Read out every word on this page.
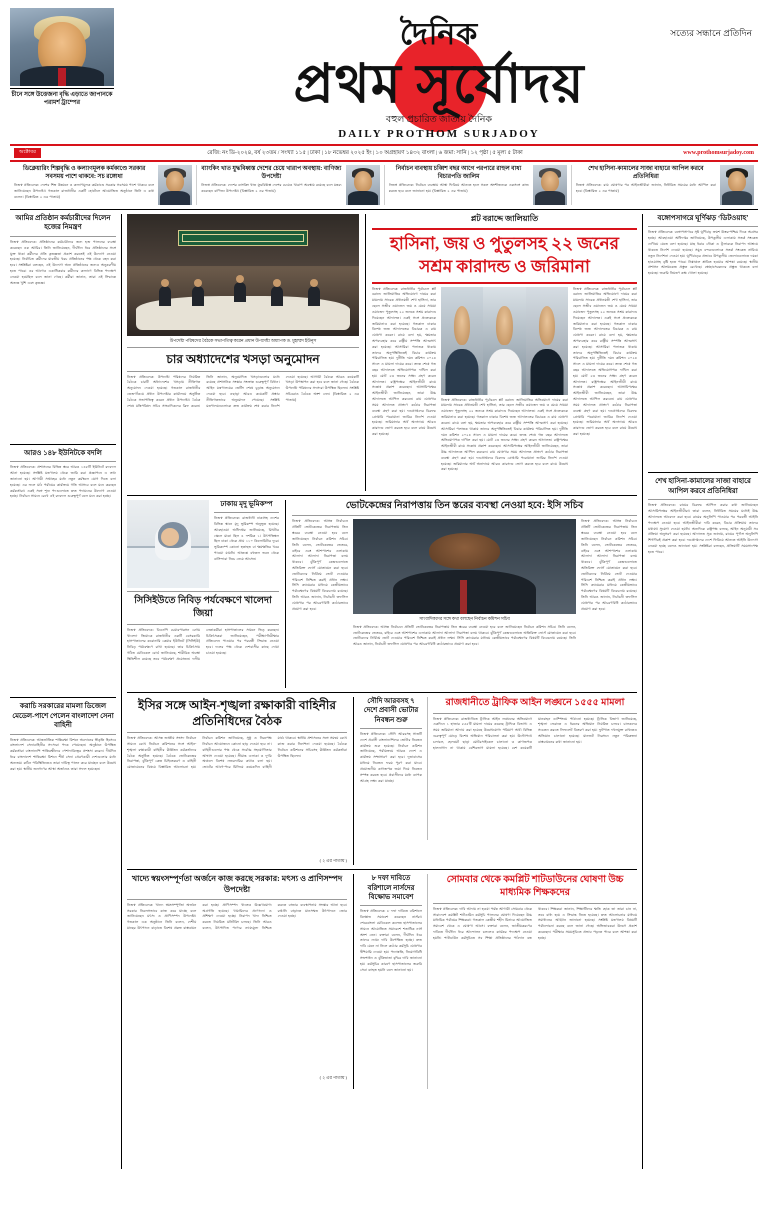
চীনে সঙ্গে উত্তেজনা বৃদ্ধি এড়াতে জাপানকে পরামর্শ ট্রাম্পের
সত্যের সন্ধানে প্রতিদিন
দৈনিক
প্রথম সূর্যোদয়
বহুল প্রচারিত জাতীয় দৈনিক
DAILY PROTHOM SURJADOY
অক্টোবর	রেজি: নং ডি-২০২৪, বর্ষ ২৩তম / সংখ্যা ১১৫ | ঢাকা | ১৮ নভেম্বর ২০২৫ ইং | ১০ অগ্রহায়ণ ১৪৩২ বাংলা | ৬ জমা: সানি | ১২ পৃষ্ঠা | ৫ মূল্য ৫ টাকা	www.prothomsurjadoy.com
ডিক্লেয়ারিং শিল্পবৃদ্ধি ও কল্যাণমূলক কর্মকাণ্ডে সরকার সবসময় পাশে থাকবে: সচ রঙ্গোধা
নিজস্ব প্রতিবেদক: দেশের শিল্প উন্নয়নে ও কল্যাণমূলক কর্মকাণ্ডে সরকার সবসময় পাশে থাকবে বলে জানিয়েছেন উপদেষ্টা। গতকাল রাজধানীর একটি হোটেলে আয়োজিত অনুষ্ঠানে তিনি এ কথা বলেন। (বিস্তারিত ২ এর পাতায়)
ব্যাংকিং খাত যুদ্ধবিধ্বস্ত দেশের চেয়ে খারাপ অবস্থায়: বাণিজ্য উপদেষ্টা
নিজস্ব প্রতিবেদক: দেশের ব্যাংকিং খাত যুদ্ধবিধ্বস্ত দেশের চেয়েও খারাপ অবস্থায় রয়েছে বলে মন্তব্য করেছেন বাণিজ্য উপদেষ্টা। (বিস্তারিত ২ এর পাতায়)
নির্বাচন ব্যবস্থায় চব্বিশ বছর আগে পরপারে রাহুল বাধ্য বিচারপতি জালিম
নিজস্ব প্রতিবেদক: নির্বাচন ব্যবস্থায় আস্থা ফিরিয়ে আনতে হলে সকল অংশীজনকে একসঙ্গে কাজ করতে হবে বলে জানানো হয়। (বিস্তারিত ২ এর পাতায়)
শেখ হাসিনা-কামালের সাজা বাহারে আপিল করবে প্রতিনিধিরা
নিজস্ব প্রতিবেদক: রায় ঘোষণার পর আইনজীবীরা জানান, নির্ধারিত সময়ের মধ্যে আপিল করা হবে। (বিস্তারিত ২ এর পাতায়)
আমির প্রতিষ্ঠান কর্মচারীদের দিলেন হজের নিমন্ত্রণ
নিজস্ব প্রতিবেদক: প্রতিষ্ঠানের কর্মচারীদের জন্য হজ পালনের ব্যবস্থা করেছেন এক আমির। তিনি জানিয়েছেন, দীর্ঘদিন ধরে প্রতিষ্ঠানের সঙ্গে যুক্ত থাকা কর্মীদের প্রতি কৃতজ্ঞতা প্রকাশ করতেই এই উদ্যোগ নেওয়া হয়েছে। নির্বাচিত কর্মীদের যাবতীয় খরচ প্রতিষ্ঠানের পক্ষ থেকে বহন করা হবে। সংশ্লিষ্টরা বলছেন, এই উদ্যোগ অন্য প্রতিষ্ঠানের জন্যও অনুকরণীয় হতে পারে। এর আগেও একাধিকবার কর্মীদের কল্যাণে বিভিন্ন পদক্ষেপ নেওয়া হয়েছিল বলে জানা গেছে। কর্মীরা জানান, তারা এই সিদ্ধান্তে অত্যন্ত খুশি এবং কৃতজ্ঞ।
আরও ১৪৮ ইউনিটকে বদলি
নিজস্ব প্রতিবেদক: প্রশাসনের বিভিন্ন স্তরে আরও ১৪৮টি ইউনিটে রদবদল আনা হয়েছে। সংশ্লিষ্ট মন্ত্রণালয় থেকে জারি করা প্রজ্ঞাপনে এ তথ্য জানানো হয়। আগামী সপ্তাহের মধ্যে নতুন কর্মস্থলে যোগ দিতে বলা হয়েছে। এর ফলে মাঠ পর্যায়ের কার্যক্রমে গতি আসবে বলে মনে করছেন কর্মকর্তারা। একই সঙ্গে শূন্য পদগুলোতে দ্রুত পদায়নের উদ্যোগ নেওয়া হচ্ছে। নির্বাচন সামনে রেখে এই রদবদল গুরুত্বপূর্ণ বলে মনে করা হচ্ছে।
করাচি সরকারের মামলা ডিজেল মেডেল-পাশে পেলেন বাংলাদেশ সেনা বাহিনী
নিজস্ব প্রতিবেদক: আন্তর্জাতিক শান্তিরক্ষা মিশনে অবদানের স্বীকৃতি হিসেবে বাংলাদেশ সেনাবাহিনীর সদস্যরা পদক পেয়েছেন। অনুষ্ঠানে উপস্থিত কর্মকর্তারা বাংলাদেশি শান্তিরক্ষীদের পেশাদারিত্বের প্রশংসা করেন। দীর্ঘদিন ধরে বাংলাদেশ শান্তিরক্ষা মিশনে শীর্ষ সেনা প্রেরণকারী দেশগুলোর মধ্যে অন্যতম। কঠিন পরিস্থিতিতেও তারা দায়িত্ব পালন করে যাচ্ছেন বলে উল্লেখ করা হয়। স্থানীয় জনগণের আস্থা অর্জনেও তারা সফল হয়েছেন।
উপদেষ্টা পরিষদের বৈঠকে সভাপতিত্ব করেন প্রধান উপদেষ্টা অধ্যাপক ড. মুহাম্মদ ইউনূস
চার অধ্যাদেশের খসড়া অনুমোদন
নিজস্ব প্রতিবেদক: উপদেষ্টা পরিষদের নিয়মিত বৈঠকে চারটি অধ্যাদেশের খসড়ায় নীতিগত অনুমোদন দেওয়া হয়েছে। গতকাল রাজধানীর তেজগাঁওয়ে প্রধান উপদেষ্টার কার্যালয়ে অনুষ্ঠিত বৈঠকে সভাপতিত্ব করেন প্রধান উপদেষ্টা। বৈঠক শেষে মন্ত্রিপরিষদ সচিব সাংবাদিকদের ব্রিফ করেন। তিনি জানান, অনুমোদিত খসড়াগুলোর মধ্যে রয়েছে প্রশাসনিক সংস্কার সংক্রান্ত গুরুত্বপূর্ণ বিধান। আইন মন্ত্রণালয়ের ভেটিং শেষে চূড়ান্ত অনুমোদন দেওয়া হবে। এছাড়া আরও কয়েকটি প্রস্তাব নীতিগতভাবে অনুমোদন পেয়েছে। সংশ্লিষ্ট মন্ত্রণালয়গুলোকে দ্রুত কার্যক্রম শেষ করার নির্দেশ দেওয়া হয়েছে। আগামী বৈঠকে আরও কয়েকটি খসড়া উপস্থাপন করা হবে বলে জানা গেছে। বৈঠকে উপদেষ্টা পরিষদের সদস্যরা উপস্থিত ছিলেন। সংশ্লিষ্ট সচিবরাও বৈঠকে অংশ নেন। (বিস্তারিত ২ এর পাতায়)
প্লট বরাদ্দে জালিয়াতি
হাসিনা, জয় ও পুতুলসহ ২২ জনের সশ্রম কারাদন্ড ও জরিমানা
নিজস্ব প্রতিবেদক: রাজধানীর পূর্বাচলে প্লট বরাদ্দে জালিয়াতির অভিযোগে দায়ের করা মামলায় সাবেক প্রধানমন্ত্রী শেখ হাসিনা, তার ছেলে সজীব ওয়াজেদ জয় ও মেয়ে সায়মা ওয়াজেদ পুতুলসহ ২২ জনকে সশ্রম কারাদণ্ড দিয়েছেন আদালত। একই সঙ্গে প্রত্যেককে জরিমানাও করা হয়েছে। গতকাল ঢাকার বিশেষ জজ আদালতের বিচারক এ রায় ঘোষণা করেন। রায়ে বলা হয়, ক্ষমতার অপব্যবহার করে রাষ্ট্রীয় সম্পত্তি আত্মসাৎ করা হয়েছে। আসামিরা পলাতক থাকায় তাদের অনুপস্থিতিতেই বিচার কার্যক্রম পরিচালিত হয়। দুর্নীতি দমন কমিশন ২০২৪ সালে এ মামলা দায়ের করে। তদন্ত শেষে গত বছর আদালতে অভিযোগপত্র দাখিল করা হয়। মোট ২৩ জনের সাক্ষ্য গ্রহণ করেন আদালত। রাষ্ট্রপক্ষের আইনজীবী রায়ে সন্তোষ প্রকাশ করেছেন। আসামিপক্ষের আইনজীবী জানিয়েছেন, তারা উচ্চ আদালতে আপিল করবেন। রায় ঘোষণার সময় আদালত প্রাঙ্গণে কঠোর নিরাপত্তা ব্যবস্থা গ্রহণ করা হয়। দণ্ডপ্রাপ্তদের বিরুদ্ধে গ্রেপ্তারি পরোয়ানা জারির নির্দেশ দেওয়া হয়েছে। জরিমানার অর্থ অনাদায়ে আরও কারাদণ্ড ভোগ করতে হবে বলে রায়ে উল্লেখ করা হয়েছে।
নিজস্ব প্রতিবেদক: রাজধানীর পূর্বাচলে প্লট বরাদ্দে জালিয়াতির অভিযোগে দায়ের করা মামলায় সাবেক প্রধানমন্ত্রী শেখ হাসিনা, তার ছেলে সজীব ওয়াজেদ জয় ও মেয়ে সায়মা ওয়াজেদ পুতুলসহ ২২ জনকে সশ্রম কারাদণ্ড দিয়েছেন আদালত। একই সঙ্গে প্রত্যেককে জরিমানাও করা হয়েছে। গতকাল ঢাকার বিশেষ জজ আদালতের বিচারক এ রায় ঘোষণা করেন। রায়ে বলা হয়, ক্ষমতার অপব্যবহার করে রাষ্ট্রীয় সম্পত্তি আত্মসাৎ করা হয়েছে। আসামিরা পলাতক থাকায় তাদের অনুপস্থিতিতেই বিচার কার্যক্রম পরিচালিত হয়। দুর্নীতি দমন কমিশন ২০২৪ সালে এ মামলা দায়ের করে। তদন্ত শেষে গত বছর আদালতে অভিযোগপত্র দাখিল করা হয়। মোট ২৩ জনের সাক্ষ্য গ্রহণ করেন আদালত। রাষ্ট্রপক্ষের আইনজীবী রায়ে সন্তোষ প্রকাশ করেছেন। আসামিপক্ষের আইনজীবী জানিয়েছেন, তারা উচ্চ আদালতে আপিল করবেন। রায় ঘোষণার সময় আদালত প্রাঙ্গণে কঠোর নিরাপত্তা ব্যবস্থা গ্রহণ করা হয়। দণ্ডপ্রাপ্তদের বিরুদ্ধে গ্রেপ্তারি পরোয়ানা জারির নির্দেশ দেওয়া হয়েছে। জরিমানার অর্থ অনাদায়ে আরও কারাদণ্ড ভোগ করতে হবে বলে রায়ে উল্লেখ করা হয়েছে।
নিজস্ব প্রতিবেদক: রাজধানীর পূর্বাচলে প্লট বরাদ্দে জালিয়াতির অভিযোগে দায়ের করা মামলায় সাবেক প্রধানমন্ত্রী শেখ হাসিনা, তার ছেলে সজীব ওয়াজেদ জয় ও মেয়ে সায়মা ওয়াজেদ পুতুলসহ ২২ জনকে সশ্রম কারাদণ্ড দিয়েছেন আদালত। একই সঙ্গে প্রত্যেককে জরিমানাও করা হয়েছে। গতকাল ঢাকার বিশেষ জজ আদালতের বিচারক এ রায় ঘোষণা করেন। রায়ে বলা হয়, ক্ষমতার অপব্যবহার করে রাষ্ট্রীয় সম্পত্তি আত্মসাৎ করা হয়েছে। আসামিরা পলাতক থাকায় তাদের অনুপস্থিতিতেই বিচার কার্যক্রম পরিচালিত হয়। দুর্নীতি দমন কমিশন ২০২৪ সালে এ মামলা দায়ের করে। তদন্ত শেষে গত বছর আদালতে অভিযোগপত্র দাখিল করা হয়। মোট ২৩ জনের সাক্ষ্য গ্রহণ করেন আদালত। রাষ্ট্রপক্ষের আইনজীবী রায়ে সন্তোষ প্রকাশ করেছেন। আসামিপক্ষের আইনজীবী জানিয়েছেন, তারা উচ্চ আদালতে আপিল করবেন। রায় ঘোষণার সময় আদালত প্রাঙ্গণে কঠোর নিরাপত্তা ব্যবস্থা গ্রহণ করা হয়। দণ্ডপ্রাপ্তদের বিরুদ্ধে গ্রেপ্তারি পরোয়ানা জারির নির্দেশ দেওয়া হয়েছে। জরিমানার অর্থ অনাদায়ে আরও কারাদণ্ড ভোগ করতে হবে বলে রায়ে উল্লেখ করা হয়েছে।
ঢাকায় মৃদু ভূমিকম্প
নিজস্ব প্রতিবেদক: রাজধানী ঢাকাসহ দেশের বিভিন্ন স্থানে মৃদু ভূমিকম্প অনুভূত হয়েছে। আবহাওয়া অধিদপ্তর জানিয়েছে, রিখটার স্কেলে মাত্রা ছিল ৪ দশমিক ১। উৎপত্তিস্থল ছিল ঢাকা থেকে প্রায় ১১০ কিলোমিটার দূরে। ভূমিকম্পে কোনো হতাহত বা ক্ষয়ক্ষতির খবর পাওয়া যায়নি। আতঙ্কে বহুতল ভবন থেকে বাসিন্দারা নিচে নেমে আসেন।
সিসিইউতে নিবিড় পর্যবেক্ষণে খালেদা জিয়া
নিজস্ব প্রতিবেদক: বিএনপি চেয়ারপারসন বেগম খালেদা জিয়াকে রাজধানীর একটি বেসরকারি হাসপাতালের করোনারি কেয়ার ইউনিটে (সিসিইউ) নিবিড় পর্যবেক্ষণে রাখা হয়েছে। তার চিকিৎসায় গঠিত মেডিকেল বোর্ড জানিয়েছে, শারীরিক অবস্থা স্থিতিশীল রয়েছে তবে পর্যবেক্ষণ প্রয়োজন। দলীয় নেতাকর্মীরা হাসপাতালের সামনে ভিড় করছেন। চিকিৎসকরা জানিয়েছেন, পরীক্ষা-নিরীক্ষার প্রতিবেদন পাওয়ার পর পরবর্তী সিদ্ধান্ত নেওয়া হবে। দলের পক্ষ থেকে দেশবাসীর কাছে দোয়া চাওয়া হয়েছে।
ভোটকেন্দ্রের নিরাপত্তায় তিন স্তরের ব্যবস্থা নেওয়া হবে: ইসি সচিব
নিজস্ব প্রতিবেদক: আসন্ন নির্বাচনে প্রতিটি ভোটকেন্দ্রের নিরাপত্তায় তিন স্তরের ব্যবস্থা নেওয়া হবে বলে জানিয়েছেন নির্বাচন কমিশন সচিব। তিনি বলেন, ভোটকেন্দ্রের ভেতরে, বাইরে এবং আশপাশের এলাকায় আলাদা আলাদা নিরাপত্তা বলয় থাকবে। ঝুঁকিপূর্ণ কেন্দ্রগুলোতে অতিরিক্ত ফোর্স মোতায়েন করা হবে। ভোটারদের নির্বিঘ্নে ভোট দেওয়ার পরিবেশ নিশ্চিত করাই প্রধান লক্ষ্য। সিসি ক্যামেরার মাধ্যমে কেন্দ্রীয়ভাবে পর্যবেক্ষণের বিষয়টি বিবেচনায় রয়েছে। তিনি আরও জানান, নির্বাচনী তফসিল ঘোষণার পর আচরণবিধি কঠোরভাবে প্রয়োগ করা হবে।
সাংবাদিকদের সঙ্গে কথা বলছেন নির্বাচন কমিশন সচিব
নিজস্ব প্রতিবেদক: আসন্ন নির্বাচনে প্রতিটি ভোটকেন্দ্রের নিরাপত্তায় তিন স্তরের ব্যবস্থা নেওয়া হবে বলে জানিয়েছেন নির্বাচন কমিশন সচিব। তিনি বলেন, ভোটকেন্দ্রের ভেতরে, বাইরে এবং আশপাশের এলাকায় আলাদা আলাদা নিরাপত্তা বলয় থাকবে। ঝুঁকিপূর্ণ কেন্দ্রগুলোতে অতিরিক্ত ফোর্স মোতায়েন করা হবে। ভোটারদের নির্বিঘ্নে ভোট দেওয়ার পরিবেশ নিশ্চিত করাই প্রধান লক্ষ্য। সিসি ক্যামেরার মাধ্যমে কেন্দ্রীয়ভাবে পর্যবেক্ষণের বিষয়টি বিবেচনায় রয়েছে। তিনি আরও জানান, নির্বাচনী তফসিল ঘোষণার পর আচরণবিধি কঠোরভাবে প্রয়োগ করা হবে।
নিজস্ব প্রতিবেদক: আসন্ন নির্বাচনে প্রতিটি ভোটকেন্দ্রের নিরাপত্তায় তিন স্তরের ব্যবস্থা নেওয়া হবে বলে জানিয়েছেন নির্বাচন কমিশন সচিব। তিনি বলেন, ভোটকেন্দ্রের ভেতরে, বাইরে এবং আশপাশের এলাকায় আলাদা আলাদা নিরাপত্তা বলয় থাকবে। ঝুঁকিপূর্ণ কেন্দ্রগুলোতে অতিরিক্ত ফোর্স মোতায়েন করা হবে। ভোটারদের নির্বিঘ্নে ভোট দেওয়ার পরিবেশ নিশ্চিত করাই প্রধান লক্ষ্য। সিসি ক্যামেরার মাধ্যমে কেন্দ্রীয়ভাবে পর্যবেক্ষণের বিষয়টি বিবেচনায় রয়েছে। তিনি আরও জানান, নির্বাচনী তফসিল ঘোষণার পর আচরণবিধি কঠোরভাবে প্রয়োগ করা হবে।
ইসির সঙ্গে আইন-শৃঙ্খলা রক্ষাকারী বাহিনীর প্রতিনিধিদের বৈঠক
নিজস্ব প্রতিবেদক: আসন্ন জাতীয় সংসদ নির্বাচন সামনে রেখে নির্বাচন কমিশনের সঙ্গে আইন-শৃঙ্খলা রক্ষাকারী বাহিনীর ঊর্ধ্বতন কর্মকর্তাদের বৈঠক অনুষ্ঠিত হয়েছে। বৈঠকে ভোটকেন্দ্রের নিরাপত্তা, ঝুঁকিপূর্ণ কেন্দ্র চিহ্নিতকরণ ও বাহিনী মোতায়েনের বিষয়ে বিস্তারিত আলোচনা হয়। নির্বাচন কমিশন জানিয়েছে, সুষ্ঠু ও নিরপেক্ষ নির্বাচন আয়োজনে কোনো ছাড় দেওয়া হবে না। বাহিনীগুলোর পক্ষ থেকে সর্বোচ্চ সহযোগিতার আশ্বাস দেওয়া হয়েছে। সীমান্ত এলাকা ও দুর্গম অঞ্চলে বিশেষ নজরদারির কথাও বলা হয়। ভোটের আগে-পরে মিলিয়ে কয়েকদিন বাহিনী মাঠে থাকবে। স্থানীয় প্রশাসনের সঙ্গে সমন্বয় রেখে কাজ করার নির্দেশনা দেওয়া হয়েছে। বৈঠকে নির্বাচন কমিশনের সচিবসহ ঊর্ধ্বতন কর্মকর্তারা উপস্থিত ছিলেন।
( ২ এর পাতায় )
সৌদি আরবসহ ৭ দেশে প্রবাসী ভোটার নিবন্ধন শুরু
নিজস্ব প্রতিবেদক: সৌদি আরবসহ সাতটি দেশে প্রবাসী বাংলাদেশিদের ভোটার নিবন্ধন কার্যক্রম শুরু হয়েছে। নির্বাচন কমিশন জানিয়েছে, পর্যায়ক্রমে আরও দেশে এ কার্যক্রম সম্প্রসারণ করা হবে। দূতাবাসের মাধ্যমে নিবন্ধন ফরম পূরণ করা যাবে। প্রয়োজনীয় কাগজপত্র জমা দিয়ে নিবন্ধন সম্পন্ন করতে হবে। প্রবাসীদের মধ্যে ব্যাপক আগ্রহ লক্ষ্য করা যাচ্ছে।
রাজধানীতে ট্রাফিক আইন লঙ্ঘনে ১৫৫৫ মামলা
নিজস্ব প্রতিবেদক: রাজধানীতে ট্রাফিক আইন লঙ্ঘনের অভিযোগে একদিনে ১ হাজার ৫৫৫টি মামলা দায়ের করেছে ট্রাফিক বিভাগ। এ সময় জরিমানা আদায় করা হয়েছে উল্লেখযোগ্য পরিমাণ অর্থ। বিভিন্ন গুরুত্বপূর্ণ মোড়ে বিশেষ অভিযান পরিচালনা করা হয়। উল্টোপথে চলাচল, হেলমেট ছাড়া মোটরসাইকেল চালানো ও কাগজপত্র হালনাগাদ না থাকায় বেশিরভাগ মামলা হয়েছে। বেশ কয়েকটি যানবাহন ডাম্পিংয়ে পাঠানো হয়েছে। ট্রাফিক বিভাগ জানিয়েছে, শৃঙ্খলা ফেরাতে এ ধরনের অভিযান নিয়মিত চলবে। চালকদের সচেতন করতে লিফলেট বিতরণ করা হয়। ফুটপাত দখলমুক্ত রাখতেও অভিযান চালানো হয়েছে। যানজট নিরসনে নতুন পরিকল্পনা বাস্তবায়নের কথা জানানো হয়।
খাদ্যে স্বয়ংসম্পূর্ণতা অর্জনে কাজ করছে সরকার: মৎস্য ও প্রাণিসম্পদ উপদেষ্টা
নিজস্ব প্রতিবেদক: খাদ্যে স্বয়ংসম্পূর্ণতা অর্জনে সরকার নিরলসভাবে কাজ করে যাচ্ছে বলে জানিয়েছেন মৎস্য ও প্রাণিসম্পদ উপদেষ্টা। গতকাল এক অনুষ্ঠানে তিনি বলেন, দেশীয় মাছের উৎপাদন বাড়াতে বিশেষ প্রকল্প বাস্তবায়ন করা হচ্ছে। প্রাণিসম্পদ খাতেও উল্লেখযোগ্য অগ্রগতি হয়েছে। খামারিদের প্রণোদনা ও প্রশিক্ষণ দেওয়া হচ্ছে। নিরাপদ খাদ্য নিশ্চিত করতে নিয়মিত মনিটরিং চলছে। তিনি আরও বলেন, উৎপাদিত পণ্যের ন্যায্যমূল্য নিশ্চিত করতে বাজার ব্যবস্থাপনায় সংস্কার আনা হবে। রপ্তানি বাড়াতে মানসম্মত উৎপাদনে জোর দেওয়া হচ্ছে।
( ২ এর পাতায় )
৮ দফা দাবিতে বরিশালে নার্সদের বিক্ষোভ সমাবেশ
নিজস্ব প্রতিবেদক: ৮ দফা দাবিতে বরিশালে বিক্ষোভ সমাবেশ করেছেন নার্সরা। শেরেবাংলা মেডিকেল কলেজ হাসপাতালের সামনে আয়োজিত সমাবেশে শতাধিক নার্স অংশ নেন। বক্তারা বলেন, দীর্ঘদিন ধরে তাদের ন্যায্য দাবি উপেক্ষিত হচ্ছে। দ্রুত দাবি মেনে না নিলে কঠোর কর্মসূচি ঘোষণার হুঁশিয়ারি দেওয়া হয়। পদোন্নতি, নিয়োগবিধি সংশোধন ও ঝুঁকিভাতা বৃদ্ধির দাবি জানানো হয়। কর্মসূচির কারণে হাসপাতালের জরুরি সেবা ব্যাহত হয়নি বলে জানানো হয়।
সোমবার থেকে কমপ্লিট শাটডাউনের ঘোষণা উচ্চ মাধ্যমিক শিক্ষকদের
নিজস্ব প্রতিবেদক: দাবি আদায় না হওয়া পর্যন্ত আগামী সোমবার থেকে সারাদেশে কমপ্লিট শাটডাউন কর্মসূচি পালনের ঘোষণা দিয়েছেন উচ্চ মাধ্যমিক পর্যায়ের শিক্ষকরা। গতকাল কেন্দ্রীয় শহীদ মিনারে আয়োজিত সমাবেশ থেকে এ ঘোষণা আসে। বক্তারা বলেন, জাতীয়করণের দাবিতে দীর্ঘদিন ধরে আন্দোলন চললেও কার্যকর পদক্ষেপ নেওয়া হয়নি। শাটডাউন কর্মসূচিতে সব শিক্ষা প্রতিষ্ঠানের পাঠদান বন্ধ থাকবে। শিক্ষকরা জানান, শিক্ষার্থীদের ক্ষতি হোক তা তারা চান না, তবে বাধ্য হয়ে এ সিদ্ধান্ত নিতে হয়েছে। দ্রুত আলোচনার মাধ্যমে সমাধানের আহ্বান জানানো হয়েছে। সংশ্লিষ্ট মন্ত্রণালয় বিষয়টি পর্যালোচনা করছে বলে জানা গেছে। অভিভাবকরা উদ্বেগ প্রকাশ করেছেন। পরীক্ষার সময়সূচিতে প্রভাব পড়তে পারে বলে আশঙ্কা করা হচ্ছে।
বঙ্গোপসাগরে ঘূর্ণিঝড় ‘ডিটওয়াহ’
নিজস্ব প্রতিবেদক: বঙ্গোপসাগরে সৃষ্ট ঘূর্ণিঝড় ক্রমশ উত্তর-পশ্চিম দিকে অগ্রসর হচ্ছে। আবহাওয়া অধিদপ্তর জানিয়েছে, উপকূলীয় এলাকায় সতর্ক সংকেত দেখিয়ে যেতে বলা হয়েছে। মাছ ধরার নৌকা ও ট্রলারকে নিরাপদ আশ্রয়ে থাকতে নির্দেশ দেওয়া হয়েছে। সমুদ্র বন্দরগুলোকে সতর্ক সংকেত নামিয়ে নতুন নির্দেশনা দেওয়া হয়। ঘূর্ণিঝড়ের প্রভাবে উপকূলীয় জেলাগুলোতে দমকা হাওয়াসহ বৃষ্টি হতে পারে। নিম্নাঞ্চল প্লাবিত হওয়ার আশঙ্কা রয়েছে। স্থানীয় প্রশাসন আশ্রয়কেন্দ্র প্রস্তুত রেখেছে। স্বেচ্ছাসেবকদের প্রস্তুত থাকতে বলা হয়েছে। জরুরি নিয়ন্ত্রণ কক্ষ খোলা হয়েছে।
শেখ হাসিনা-কামালের সাজা বাহারে আপিল করবে প্রতিনিধিরা
নিজস্ব প্রতিবেদক: রায়ের বিরুদ্ধে আপিল করার কথা জানিয়েছেন আসামিপক্ষের আইনজীবীরা। তারা বলেন, নির্ধারিত সময়ের মধ্যেই উচ্চ আদালতে আবেদন করা হবে। রায়ের অনুলিপি পাওয়ার পর পরবর্তী আইনি পদক্ষেপ নেওয়া হবে। আইনজীবীরা দাবি করেন, বিচার প্রক্রিয়ায় তাদের যথাযথ সুযোগ দেওয়া হয়নি। অন্যদিকে রাষ্ট্রপক্ষ বলছে, আইন অনুযায়ী সব প্রক্রিয়া অনুসরণ করা হয়েছে। আদালত সূত্র জানায়, রায়ের পূর্ণাঙ্গ অনুলিপি শিগগিরই প্রকাশ করা হবে। দণ্ডপ্রাপ্তদের দেশে ফিরিয়ে আনতে আইনি উদ্যোগ নেওয়া হচ্ছে বলেও জানানো হয়। সংশ্লিষ্টরা বলছেন, প্রক্রিয়াটি সময়সাপেক্ষ হতে পারে।
